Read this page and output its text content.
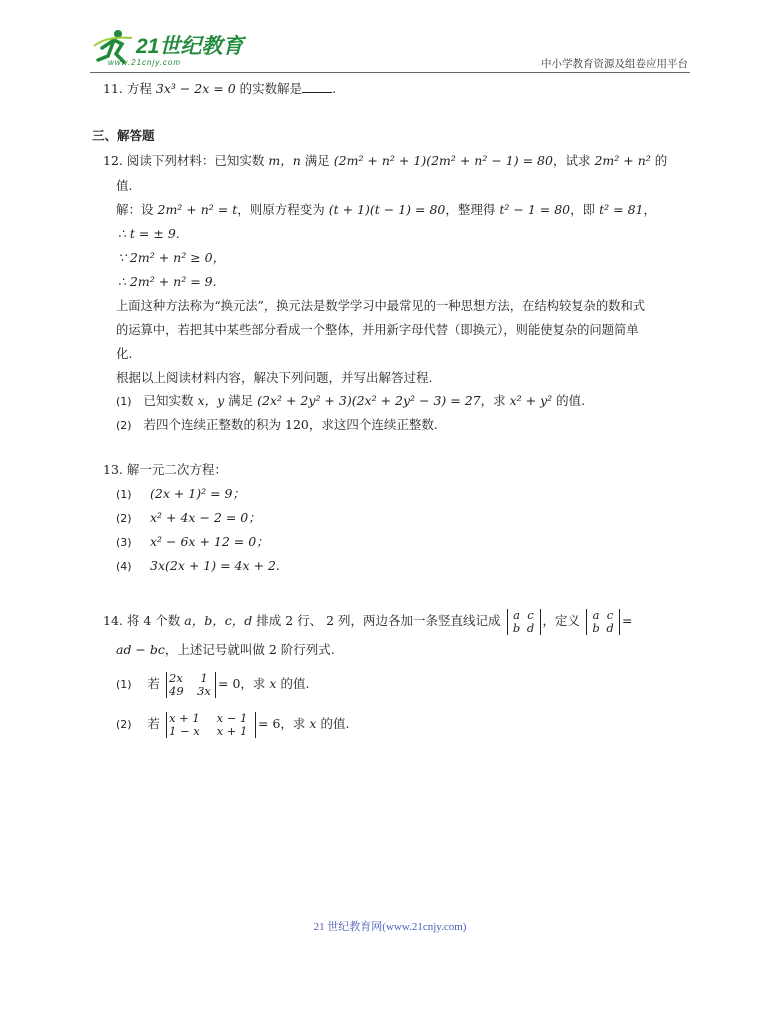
21世纪教育
www.21cnjy.com	中小学教育资源及组卷应用平台
11. 方程 3x³ − 2x = 0 的实数解是 .
三、解答题
12. 阅读下列材料：已知实数 m，n 满足 (2m² + n² + 1)(2m² + n² − 1) = 80，试求 2m² + n² 的
值.
解：设 2m² + n² = t，则原方程变为 (t + 1)(t − 1) = 80，整理得 t² − 1 = 80，即 t² = 81，
∴ t = ± 9.
∵ 2m² + n² ≥ 0，
∴ 2m² + n² = 9.
上面这种方法称为“换元法”，换元法是数学学习中最常见的一种思想方法，在结构较复杂的数和式
的运算中，若把其中某些部分看成一个整体，并用新字母代替（即换元），则能使复杂的问题简单
化.
根据以上阅读材料内容，解决下列问题，并写出解答过程.
(1) 已知实数 x，y 满足 (2x² + 2y² + 3)(2x² + 2y² − 3) = 27，求 x² + y² 的值.
(2) 若四个连续正整数的积为 120，求这四个连续正整数.
13. 解一元二次方程：
(1) (2x + 1)² = 9；
(2) x² + 4x − 2 = 0；
(3) x² − 6x + 12 = 0；
(4) 3x(2x + 1) = 4x + 2.
14. 将 4 个数 a，b，c，d 排成 2 行、 2 列，两边各加一条竖直线记成	a c
b d ，定义	a c
b d =
ad − bc，上述记号就叫做 2 阶行列式.
(1) 若 2x 1
49 3x = 0，求 x 的值.
(2) 若 x + 1 x − 1
1 − x x + 1 = 6，求 x 的值.
21 世纪教育网(www.21cnjy.com)
